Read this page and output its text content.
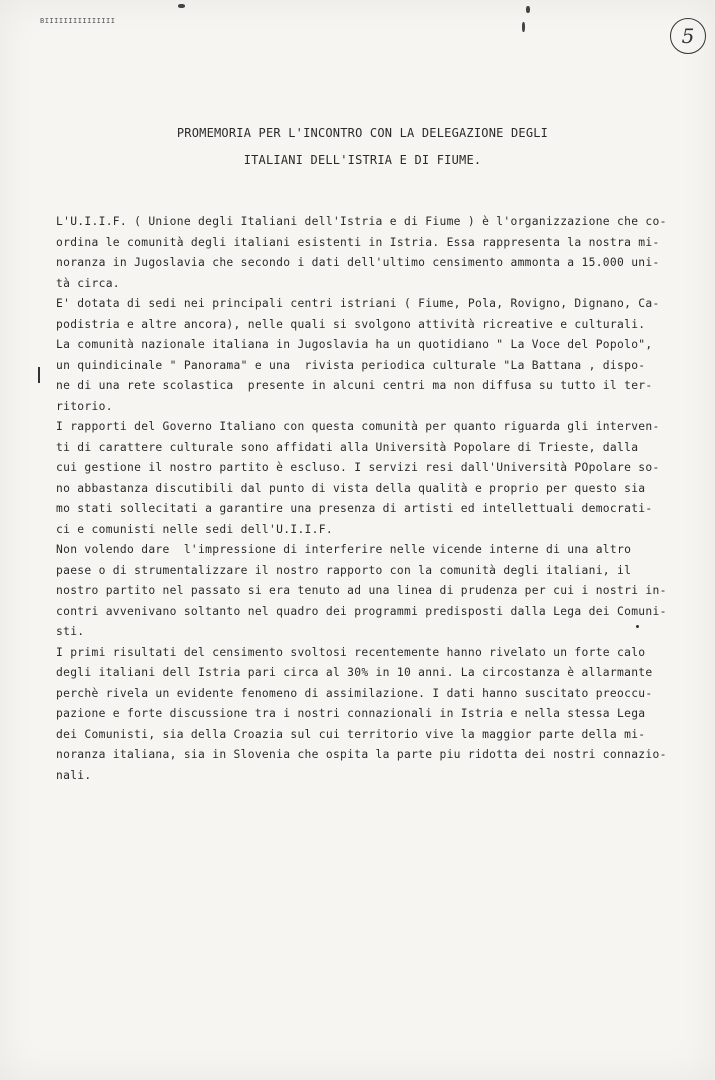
BIIIIIIIIIIIIIII
5
PROMEMORIA PER L'INCONTRO CON LA DELEGAZIONE DEGLI
ITALIANI DELL'ISTRIA E DI FIUME.
L'U.I.I.F. ( Unione degli Italiani dell'Istria e di Fiume ) è l'organizzazione che co-
ordina le comunità degli italiani esistenti in Istria. Essa rappresenta la nostra mi-
noranza in Jugoslavia che secondo i dati dell'ultimo censimento ammonta a 15.000 uni-
tà circa.
E' dotata di sedi nei principali centri istriani ( Fiume, Pola, Rovigno, Dignano, Ca-
podistria e altre ancora), nelle quali si svolgono attività ricreative e culturali.
La comunità nazionale italiana in Jugoslavia ha un quotidiano " La Voce del Popolo",
un quindicinale " Panorama" e una  rivista periodica culturale "La Battana , dispo-
ne di una rete scolastica  presente in alcuni centri ma non diffusa su tutto il ter-
ritorio.
I rapporti del Governo Italiano con questa comunità per quanto riguarda gli interven-
ti di carattere culturale sono affidati alla Università Popolare di Trieste, dalla
cui gestione il nostro partito è escluso. I servizi resi dall'Università POpolare so-
no abbastanza discutibili dal punto di vista della qualità e proprio per questo sia
mo stati sollecitati a garantire una presenza di artisti ed intellettuali democrati-
ci e comunisti nelle sedi dell'U.I.I.F.
Non volendo dare  l'impressione di interferire nelle vicende interne di una altro
paese o di strumentalizzare il nostro rapporto con la comunità degli italiani, il
nostro partito nel passato si era tenuto ad una linea di prudenza per cui i nostri in-
contri avvenivano soltanto nel quadro dei programmi predisposti dalla Lega dei Comuni-
sti.
I primi risultati del censimento svoltosi recentemente hanno rivelato un forte calo
degli italiani dell Istria pari circa al 30% in 10 anni. La circostanza è allarmante
perchè rivela un evidente fenomeno di assimilazione. I dati hanno suscitato preoccu-
pazione e forte discussione tra i nostri connazionali in Istria e nella stessa Lega
dei Comunisti, sia della Croazia sul cui territorio vive la maggior parte della mi-
noranza italiana, sia in Slovenia che ospita la parte piu ridotta dei nostri connazio-
nali.
